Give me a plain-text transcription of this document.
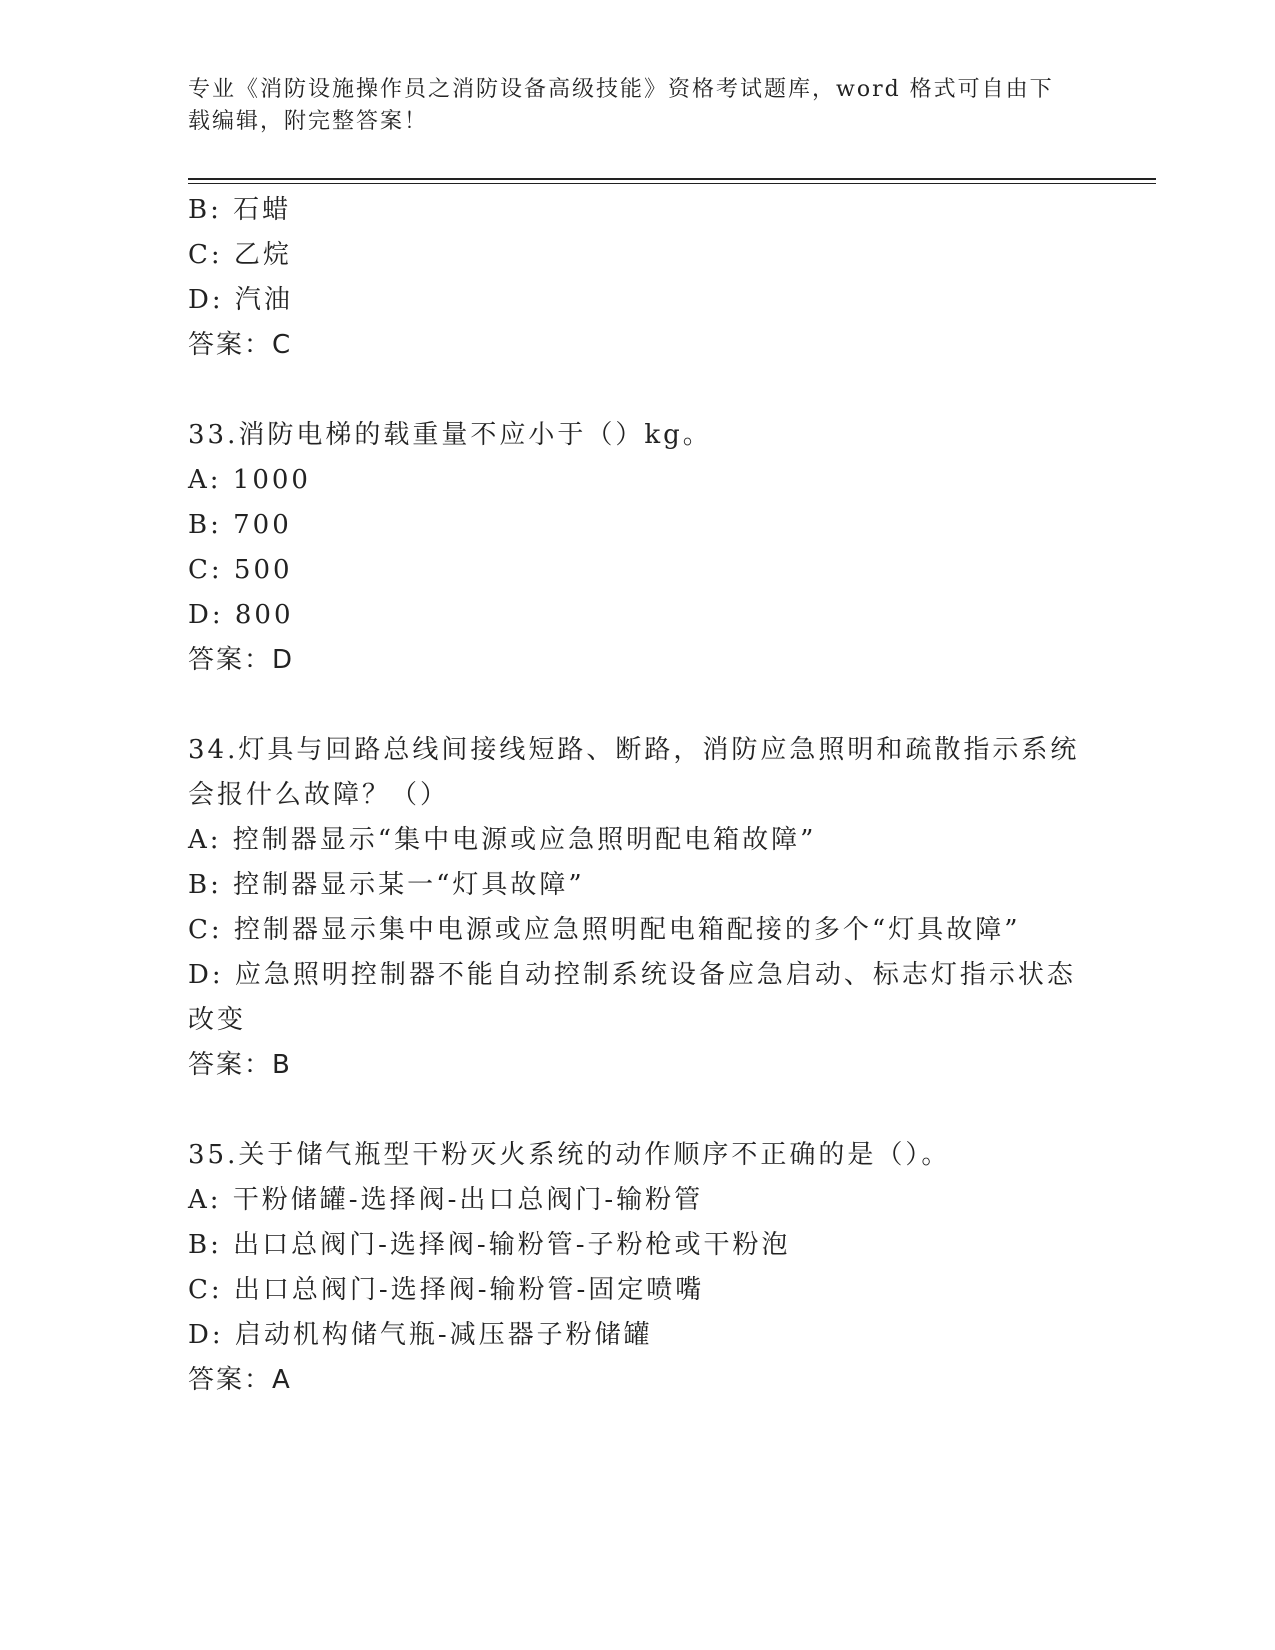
专业《消防设施操作员之消防设备高级技能》资格考试题库，word 格式可自由下
载编辑，附完整答案！
B: 石蜡
C: 乙烷
D: 汽油
答案：C
33.消防电梯的载重量不应小于（）kg。
A: 1000
B: 700
C: 500
D: 800
答案：D
34.灯具与回路总线间接线短路、断路，消防应急照明和疏散指示系统
会报什么故障？（）
A: 控制器显示“集中电源或应急照明配电箱故障”
B: 控制器显示某一“灯具故障”
C: 控制器显示集中电源或应急照明配电箱配接的多个“灯具故障”
D: 应急照明控制器不能自动控制系统设备应急启动、标志灯指示状态
改变
答案：B
35.关于储气瓶型干粉灭火系统的动作顺序不正确的是（）。
A: 干粉储罐-选择阀-出口总阀门-输粉管
B: 出口总阀门-选择阀-输粉管-子粉枪或干粉泡
C: 出口总阀门-选择阀-输粉管-固定喷嘴
D: 启动机构储气瓶-减压器子粉储罐
答案：A
